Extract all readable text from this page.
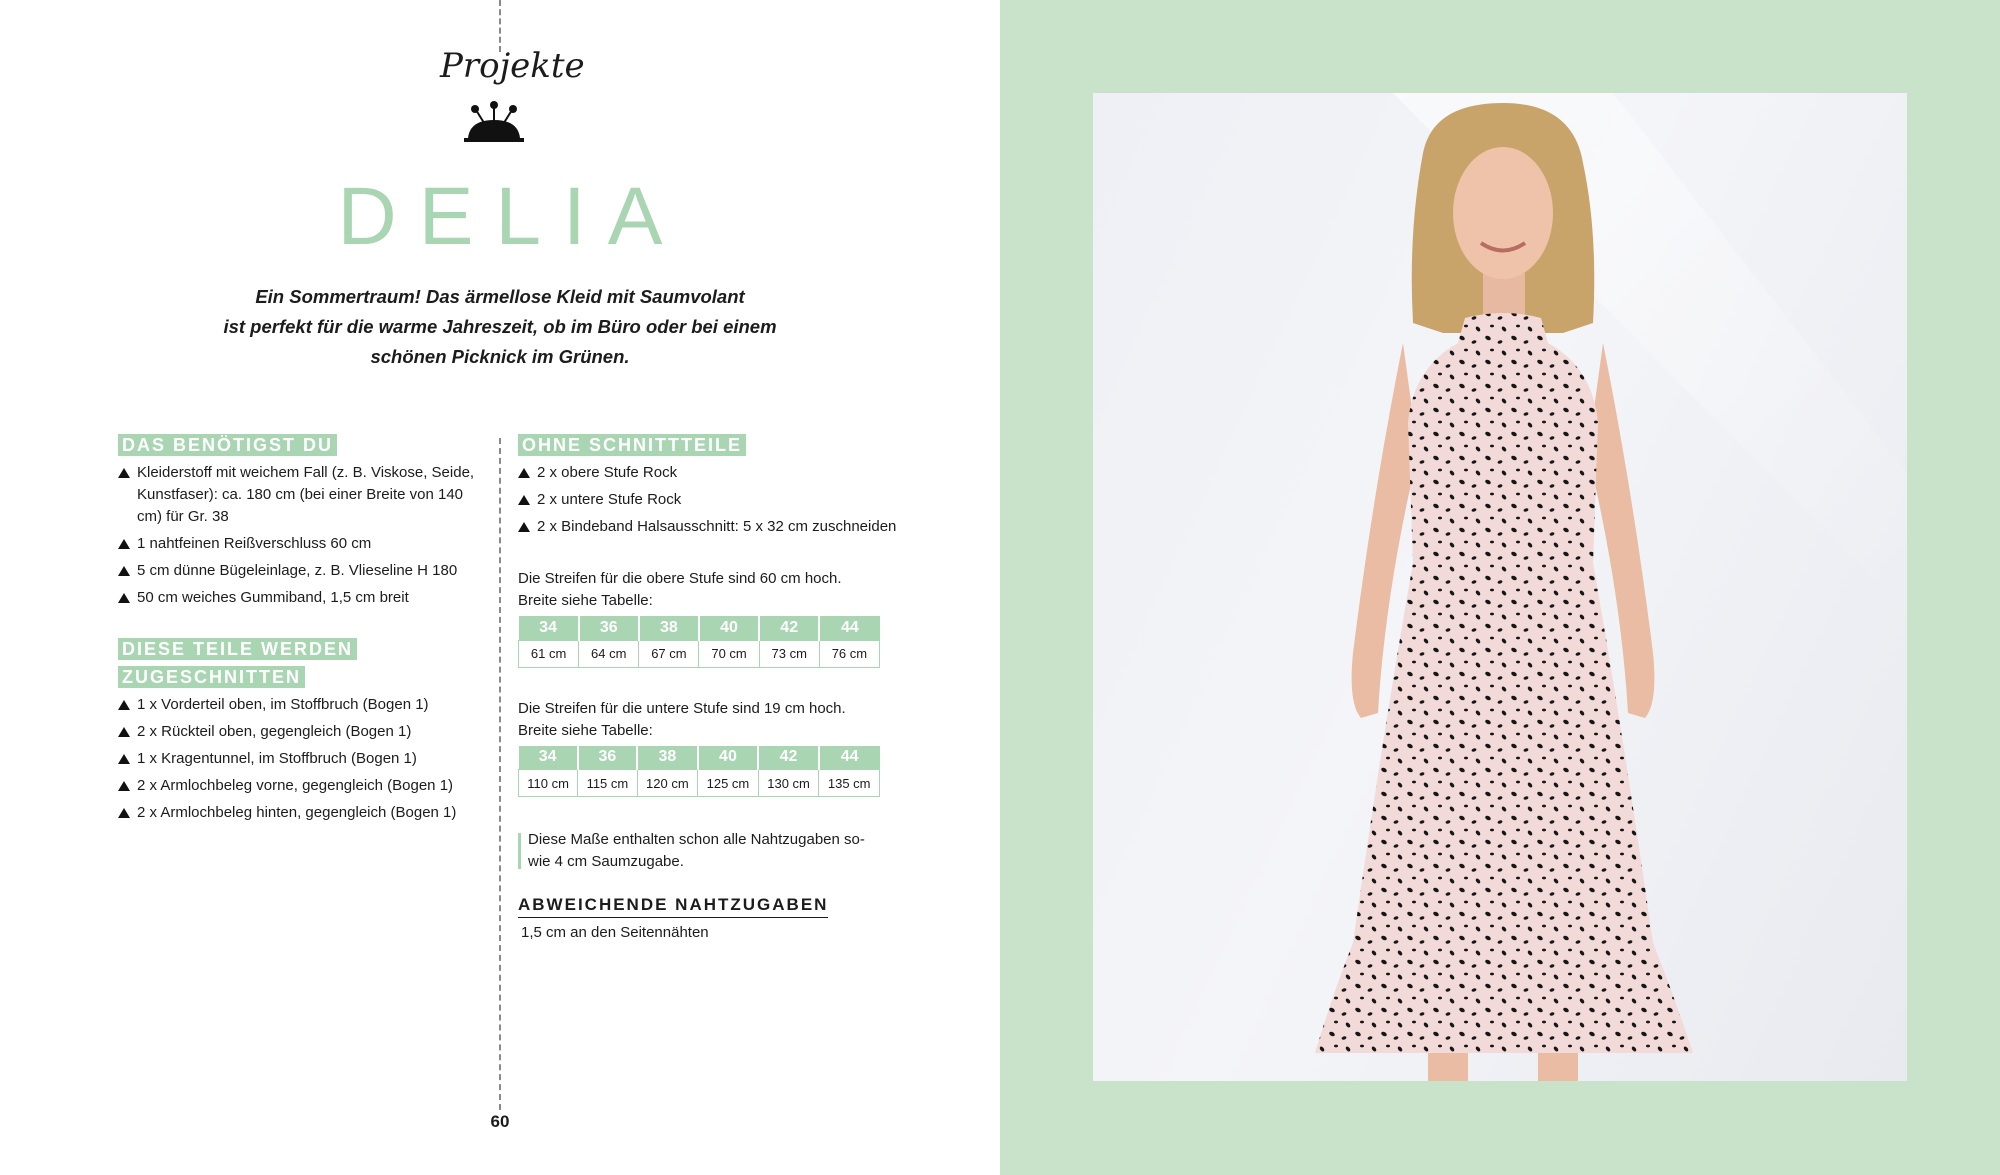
Projekte
DELIA
Ein Sommertraum! Das ärmellose Kleid mit Saumvolant
ist perfekt für die warme Jahreszeit, ob im Büro oder bei einem
schönen Picknick im Grünen.
DAS BENÖTIGST DU
Kleiderstoff mit weichem Fall (z. B. Viskose, Seide, Kunstfaser): ca. 180 cm (bei einer Breite von 140 cm) für Gr. 38
1 nahtfeinen Reißverschluss 60 cm
5 cm dünne Bügeleinlage, z. B. Vlieseline H 180
50 cm weiches Gummiband, 1,5 cm breit
DIESE TEILE WERDEN
ZUGESCHNITTEN
1 x Vorderteil oben, im Stoffbruch (Bogen 1)
2 x Rückteil oben, gegengleich (Bogen 1)
1 x Kragentunnel, im Stoffbruch (Bogen 1)
2 x Armlochbeleg vorne, gegengleich (Bogen 1)
2 x Armlochbeleg hinten, gegengleich (Bogen 1)
OHNE SCHNITTTEILE
2 x obere Stufe Rock
2 x untere Stufe Rock
2 x Bindeband Halsausschnitt: 5 x 32 cm zuschneiden
Die Streifen für die obere Stufe sind 60 cm hoch.
Breite siehe Tabelle:
34	36	38	40	42	44
61 cm	64 cm	67 cm	70 cm	73 cm	76 cm
Die Streifen für die untere Stufe sind 19 cm hoch.
Breite siehe Tabelle:
34	36	38	40	42	44
110 cm	115 cm	120 cm	125 cm	130 cm	135 cm
Diese Maße enthalten schon alle Nahtzugaben so-
wie 4 cm Saumzugabe.
ABWEICHENDE NAHTZUGABEN
1,5 cm an den Seitennähten
60
